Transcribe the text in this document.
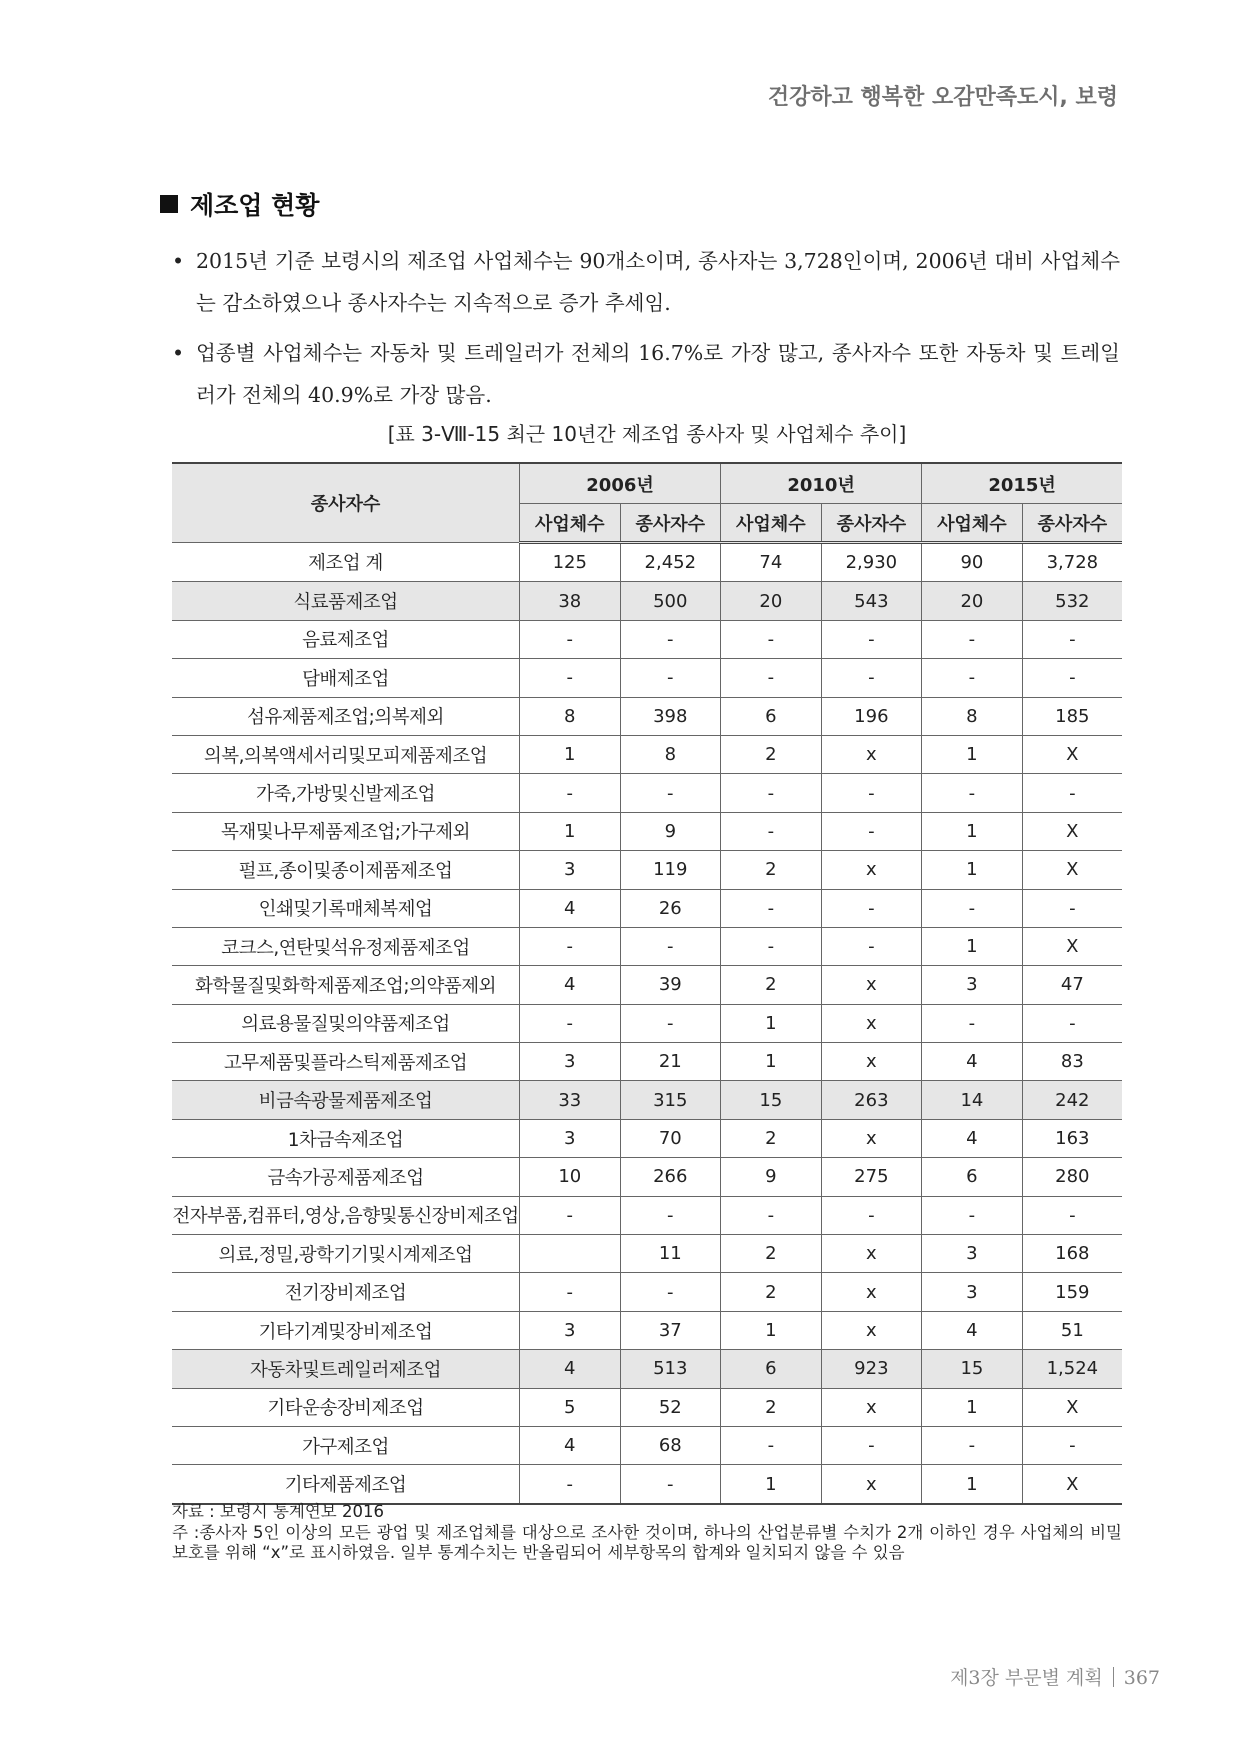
건강하고 행복한 오감만족도시, 보령
제조업 현황
• 2015년 기준 보령시의 제조업 사업체수는 90개소이며, 종사자는 3,728인이며, 2006년 대비 사업체수는 감소하였으나 종사자수는 지속적으로 증가 추세임.
• 업종별 사업체수는 자동차 및 트레일러가 전체의 16.7%로 가장 많고, 종사자수 또한 자동차 및 트레일러가 전체의 40.9%로 가장 많음.
[표 3-Ⅷ-15 최근 10년간 제조업 종사자 및 사업체수 추이]
종사자수	2006년		2010년		2015년	
	사업체수	종사자수	사업체수	종사자수	사업체수	종사자수
제조업 계	125	2,452	74	2,930	90	3,728
식료품제조업	38	500	20	543	20	532
음료제조업	-	-	-	-	-	-
담배제조업	-	-	-	-	-	-
섬유제품제조업;의복제외	8	398	6	196	8	185
의복,의복액세서리및모피제품제조업	1	8	2	x	1	X
가죽,가방및신발제조업	-	-	-	-	-	-
목재및나무제품제조업;가구제외	1	9	-	-	1	X
펄프,종이및종이제품제조업	3	119	2	x	1	X
인쇄및기록매체복제업	4	26	-	-	-	-
코크스,연탄및석유정제품제조업	-	-	-	-	1	X
화학물질및화학제품제조업;의약품제외	4	39	2	x	3	47
의료용물질및의약품제조업	-	-	1	x	-	-
고무제품및플라스틱제품제조업	3	21	1	x	4	83
비금속광물제품제조업	33	315	15	263	14	242
1차금속제조업	3	70	2	x	4	163
금속가공제품제조업	10	266	9	275	6	280
전자부품,컴퓨터,영상,음향및통신장비제조업	-	-	-	-	-	-
의료,정밀,광학기기및시계제조업		11	2	x	3	168
전기장비제조업	-	-	2	x	3	159
기타기계및장비제조업	3	37	1	x	4	51
자동차및트레일러제조업	4	513	6	923	15	1,524
기타운송장비제조업	5	52	2	x	1	X
가구제조업	4	68	-	-	-	-
기타제품제조업	-	-	1	x	1	X

자료 : 보령시 통계연보 2016

주 :종사자 5인 이상의 모든 광업 및 제조업체를 대상으로 조사한 것이며, 하나의 산업분류별 수치가 2개 이하인 경우 사업체의 비밀보호를 위해 “x”로 표시하였음. 일부 통계수치는 반올림되어 세부항목의 합계와 일치되지 않을 수 있음

제3장 부문별 계획 367
